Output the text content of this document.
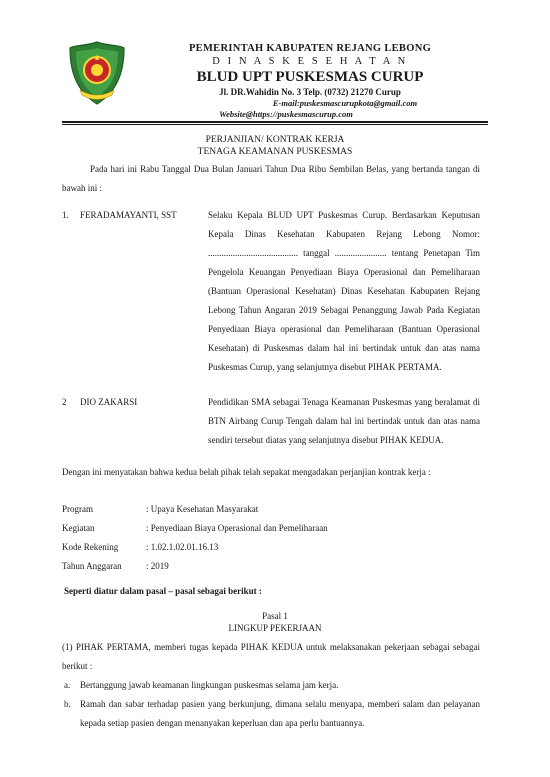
PEMERINTAH KABUPATEN REJANG LEBONG
D I N A S K E S E H A T A N
BLUD UPT PUSKESMAS CURUP
Jl. DR.Wahidin No. 3 Telp. (0732) 21270 Curup
E-mail:puskesmascurupkota@gmail.com
Website@https://puskesmascurup.com
PERJANJIAN/ KONTRAK KERJA
TENAGA KEAMANAN PUSKESMAS
Pada hari ini Rabu Tanggal Dua Bulan Januari Tahun Dua Ribu Sembilan Belas, yang bertanda tangan di bawah ini :
1. FERADAMAYANTI, SST	Selaku Kepala BLUD UPT Puskesmas Curup. Berdasarkan Keputusan Kepala Dinas Kesehatan Kabupaten Rejang Lebong Nomor: ........................................ tanggal ....................... tentang Penetapan Tim Pengelola Keuangan Penyediaan Biaya Operasional dan Pemeliharaan (Bantuan Operasional Kesehatan) Dinas Kesehatan Kabupaten Rejang Lebong Tahun Angaran 2019 Sebagai Penanggung Jawab Pada Kegiatan Penyediaan Biaya operasional dan Pemeliharaan (Bantuan Operasional Kesehatan) di Puskesmas dalam hal ini bertindak untuk dan atas nama Puskesmas Curup, yang selanjutnya disebut PIHAK PERTAMA.
2 DIO ZAKARSI	Pendidikan SMA sebagai Tenaga Keamanan Puskesmas yang beralamat di BTN Airbang Curup Tengah dalam hal ini bertindak untuk dan atas nama sendiri tersebut diatas yang selanjutnya disebut PIHAK KEDUA.
Dengan ini menyatakan bahwa kedua belah pihak telah sepakat mengadakan perjanjian kontrak kerja :
Program	: Upaya Kesehatan Masyarakat
Kegiatan	: Penyediaan Biaya Operasional dan Pemeliharaan
Kode Rekening	: 1.02.1.02.01.16.13
Tahun Anggaran	: 2019
Seperti diatur dalam pasal – pasal sebagai berikut :
Pasal 1
LINGKUP PEKERJAAN
(1) PIHAK PERTAMA, memberi tugas kepada PIHAK KEDUA untuk melaksanakan pekerjaan sebagai sebagai berikut :
a. Bertanggung jawab keamanan lingkungan puskesmas selama jam kerja.
b. Ramah dan sabar terhadap pasien yang berkunjung, dimana selalu menyapa, memberi salam dan pelayanan kepada setiap pasien dengan menanyakan keperluan dan apa perlu bantuannya.
